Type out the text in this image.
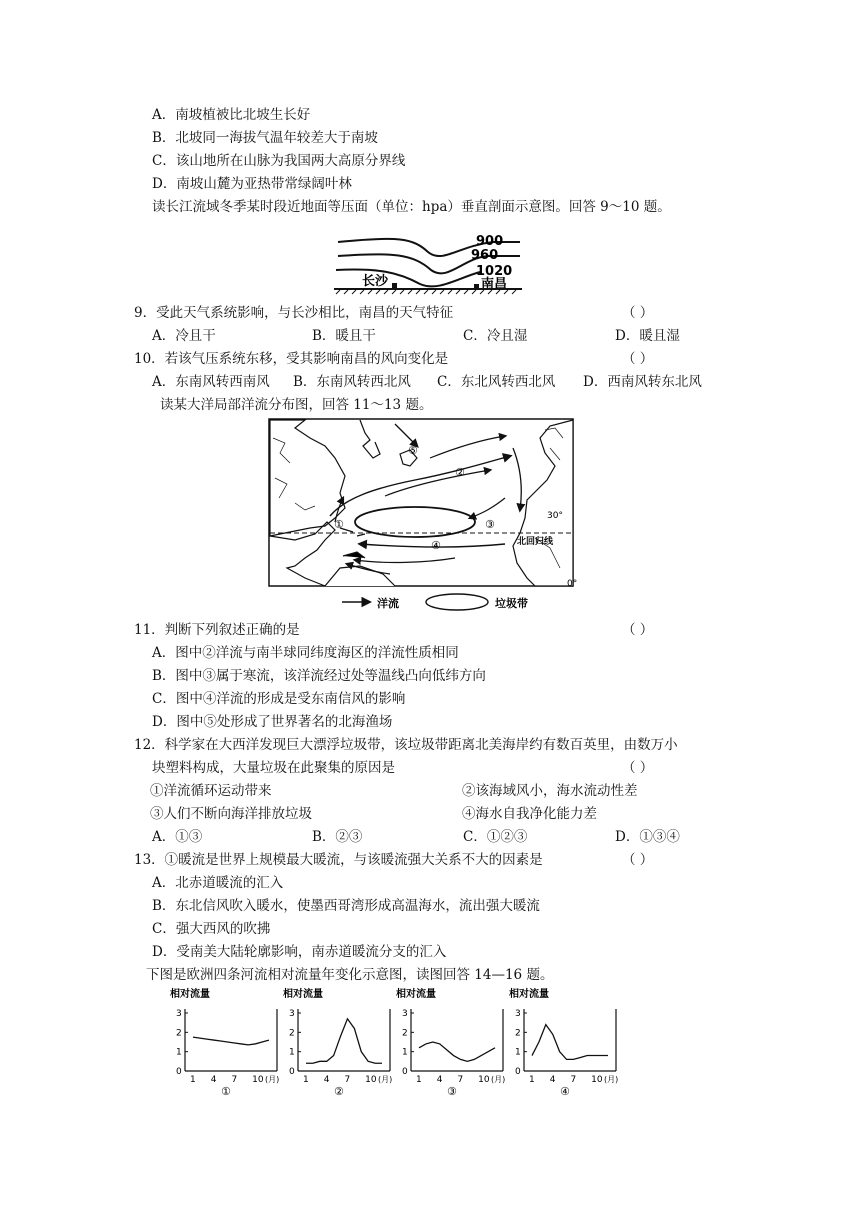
A．南坡植被比北坡生长好
B．北坡同一海拔气温年较差大于南坡
C．该山地所在山脉为我国两大高原分界线
D．南坡山麓为亚热带常绿阔叶林
读长江流域冬季某时段近地面等压面（单位：hpa）垂直剖面示意图。回答 9～10 题。
900
960
1020
长沙	南昌
9．受此天气系统影响，与长沙相比，南昌的天气特征	（ ）
A．冷且干	B．暖且干	C．冷且湿	D．暖且湿
10．若该气压系统东移，受其影响南昌的风向变化是	（ ）
A．东南风转西南风 B．东南风转西北风 C．东北风转西北风 D．西南风转东北风
读某大洋局部洋流分布图，回答 11～13 题。
①
②
③
④
⑤
30°
北回归线
0°
洋流	垃圾带
11．判断下列叙述正确的是	（ ）
A．图中②洋流与南半球同纬度海区的洋流性质相同
B．图中③属于寒流，该洋流经过处等温线凸向低纬方向
C．图中④洋流的形成是受东南信风的影响
D．图中⑤处形成了世界著名的北海渔场
12．科学家在大西洋发现巨大漂浮垃圾带，该垃圾带距离北美海岸约有数百英里，由数万小
块塑料构成，大量垃圾在此聚集的原因是	（ ）
①洋流循环运动带来	②该海域风小，海水流动性差
③人们不断向海洋排放垃圾	④海水自我净化能力差
A．①③	B．②③	C．①②③	D．①③④
13．①暖流是世界上规模最大暖流，与该暖流强大关系不大的因素是	（ ）
A．北赤道暖流的汇入
B．东北信风吹入暖水，使墨西哥湾形成高温海水，流出强大暖流
C．强大西风的吹拂
D．受南美大陆轮廓影响，南赤道暖流分支的汇入
下图是欧洲四条河流相对流量年变化示意图，读图回答 14—16 题。
相对流量
0
1
2
3
1 4 7 10 (月)
①
相对流量
0
1
2
3
1 4 7 10 (月)
②
相对流量
0
1
2
3
1 4 7 10 (月)
③
相对流量
0
1
2
3
1 4 7 10 (月)
④
